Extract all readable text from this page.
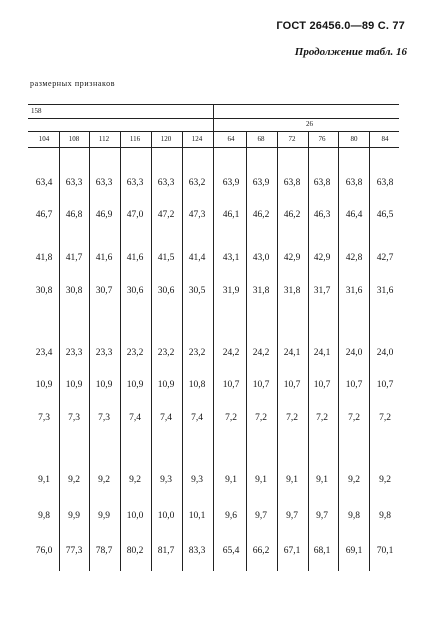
ГОСТ 26456.0—89 С. 77
Продолжение табл. 16
размерных признаков
158
26
104	108	112	116	120	124	64	68	72	76	80	84
63,4 63,3 63,3 63,3 63,3 63,2 63,9 63,9 63,8 63,8 63,8 63,8
46,7 46,8 46,9 47,0 47,2 47,3 46,1 46,2 46,2 46,3 46,4 46,5
41,8 41,7 41,6 41,6 41,5 41,4 43,1 43,0 42,9 42,9 42,8 42,7
30,8 30,8 30,7 30,6 30,6 30,5 31,9 31,8 31,8 31,7 31,6 31,6
23,4 23,3 23,3 23,2 23,2 23,2 24,2 24,2 24,1 24,1 24,0 24,0
10,9 10,9 10,9 10,9 10,9 10,8 10,7 10,7 10,7 10,7 10,7 10,7
7,3 7,3 7,3 7,4 7,4 7,4 7,2 7,2 7,2 7,2 7,2 7,2
9,1 9,2 9,2 9,2 9,3 9,3 9,1 9,1 9,1 9,1 9,2 9,2
9,8 9,9 9,9 10,0 10,0 10,1 9,6 9,7 9,7 9,7 9,8 9,8
76,0 77,3 78,7 80,2 81,7 83,3 65,4 66,2 67,1 68,1 69,1 70,1
